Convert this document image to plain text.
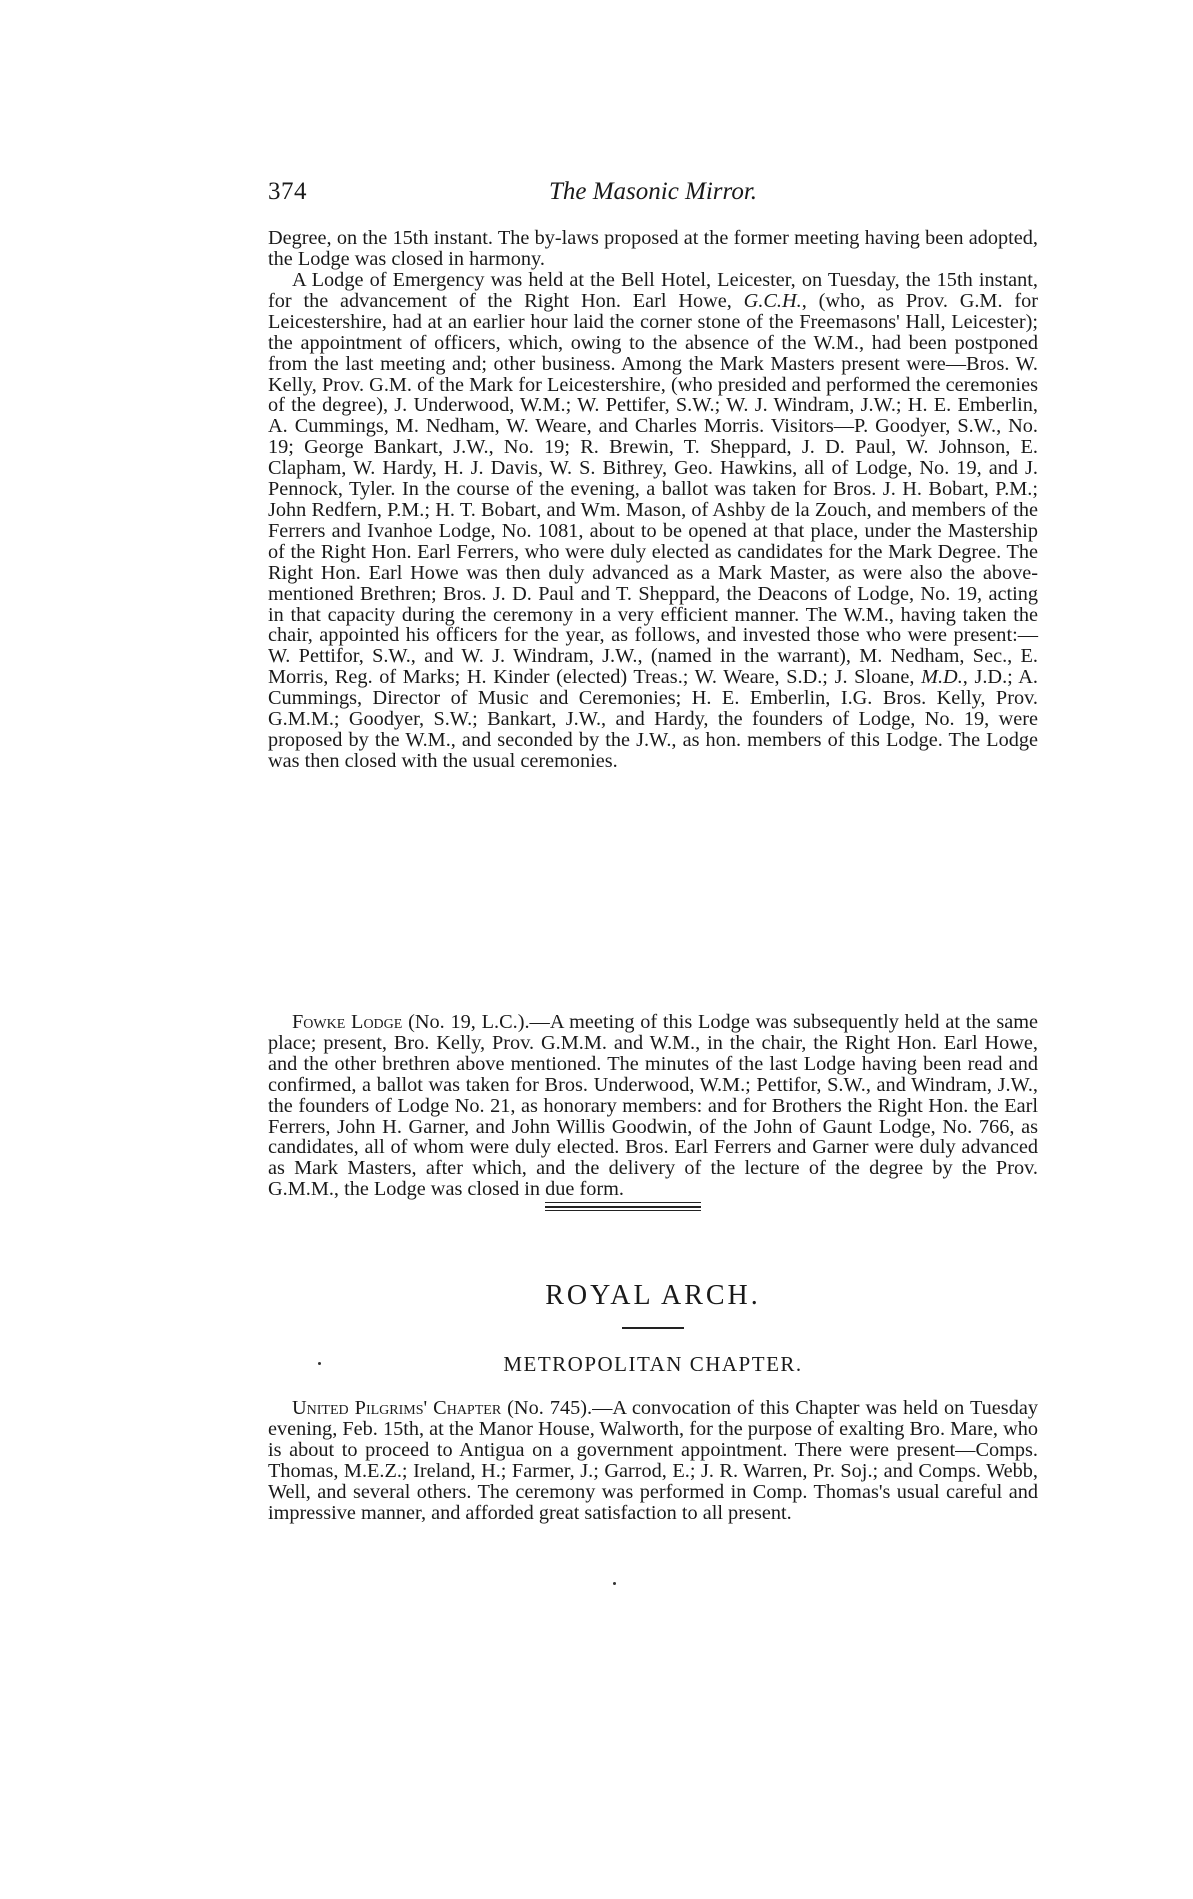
374	The Masonic Mirror.

Degree, on the 15th instant. The by-laws proposed at the former meeting having been adopted, the Lodge was closed in harmony.

A Lodge of Emergency was held at the Bell Hotel, Leicester, on Tuesday, the 15th instant, for the advancement of the Right Hon. Earl Howe, G.C.H., (who, as Prov. G.M. for Leicestershire, had at an earlier hour laid the corner stone of the Freemasons' Hall, Leicester); the appointment of officers, which, owing to the absence of the W.M., had been postponed from the last meeting and; other business. Among the Mark Masters present were—Bros. W. Kelly, Prov. G.M. of the Mark for Leicestershire, (who presided and performed the ceremonies of the degree), J. Underwood, W.M.; W. Pettifer, S.W.; W. J. Windram, J.W.; H. E. Emberlin, A. Cummings, M. Nedham, W. Weare, and Charles Morris. Visitors—P. Goodyer, S.W., No. 19; George Bankart, J.W., No. 19; R. Brewin, T. Sheppard, J. D. Paul, W. Johnson, E. Clapham, W. Hardy, H. J. Davis, W. S. Bithrey, Geo. Hawkins, all of Lodge, No. 19, and J. Pennock, Tyler. In the course of the evening, a ballot was taken for Bros. J. H. Bobart, P.M.; John Redfern, P.M.; H. T. Bobart, and Wm. Mason, of Ashby de la Zouch, and members of the Ferrers and Ivanhoe Lodge, No. 1081, about to be opened at that place, under the Mastership of the Right Hon. Earl Ferrers, who were duly elected as candidates for the Mark Degree. The Right Hon. Earl Howe was then duly advanced as a Mark Master, as were also the above-mentioned Brethren; Bros. J. D. Paul and T. Sheppard, the Deacons of Lodge, No. 19, acting in that capacity during the ceremony in a very efficient manner. The W.M., having taken the chair, appointed his officers for the year, as follows, and invested those who were present:—W. Pettifor, S.W., and W. J. Windram, J.W., (named in the warrant), M. Nedham, Sec., E. Morris, Reg. of Marks; H. Kinder (elected) Treas.; W. Weare, S.D.; J. Sloane, M.D., J.D.; A. Cummings, Director of Music and Ceremonies; H. E. Emberlin, I.G. Bros. Kelly, Prov. G.M.M.; Goodyer, S.W.; Bankart, J.W., and Hardy, the founders of Lodge, No. 19, were proposed by the W.M., and seconded by the J.W., as hon. members of this Lodge. The Lodge was then closed with the usual ceremonies.

Fowke Lodge (No. 19, L.C.).—A meeting of this Lodge was subsequently held at the same place; present, Bro. Kelly, Prov. G.M.M. and W.M., in the chair, the Right Hon. Earl Howe, and the other brethren above mentioned. The minutes of the last Lodge having been read and confirmed, a ballot was taken for Bros. Underwood, W.M.; Pettifor, S.W., and Windram, J.W., the founders of Lodge No. 21, as honorary members: and for Brothers the Right Hon. the Earl Ferrers, John H. Garner, and John Willis Goodwin, of the John of Gaunt Lodge, No. 766, as candidates, all of whom were duly elected. Bros. Earl Ferrers and Garner were duly advanced as Mark Masters, after which, and the delivery of the lecture of the degree by the Prov. G.M.M., the Lodge was closed in due form.

ROYAL ARCH.
METROPOLITAN CHAPTER.

United Pilgrims' Chapter (No. 745).—A convocation of this Chapter was held on Tuesday evening, Feb. 15th, at the Manor House, Walworth, for the purpose of exalting Bro. Mare, who is about to proceed to Antigua on a government appointment. There were present—Comps. Thomas, M.E.Z.; Ireland, H.; Farmer, J.; Garrod, E.; J. R. Warren, Pr. Soj.; and Comps. Webb, Well, and several others. The ceremony was performed in Comp. Thomas's usual careful and impressive manner, and afforded great satisfaction to all present.
